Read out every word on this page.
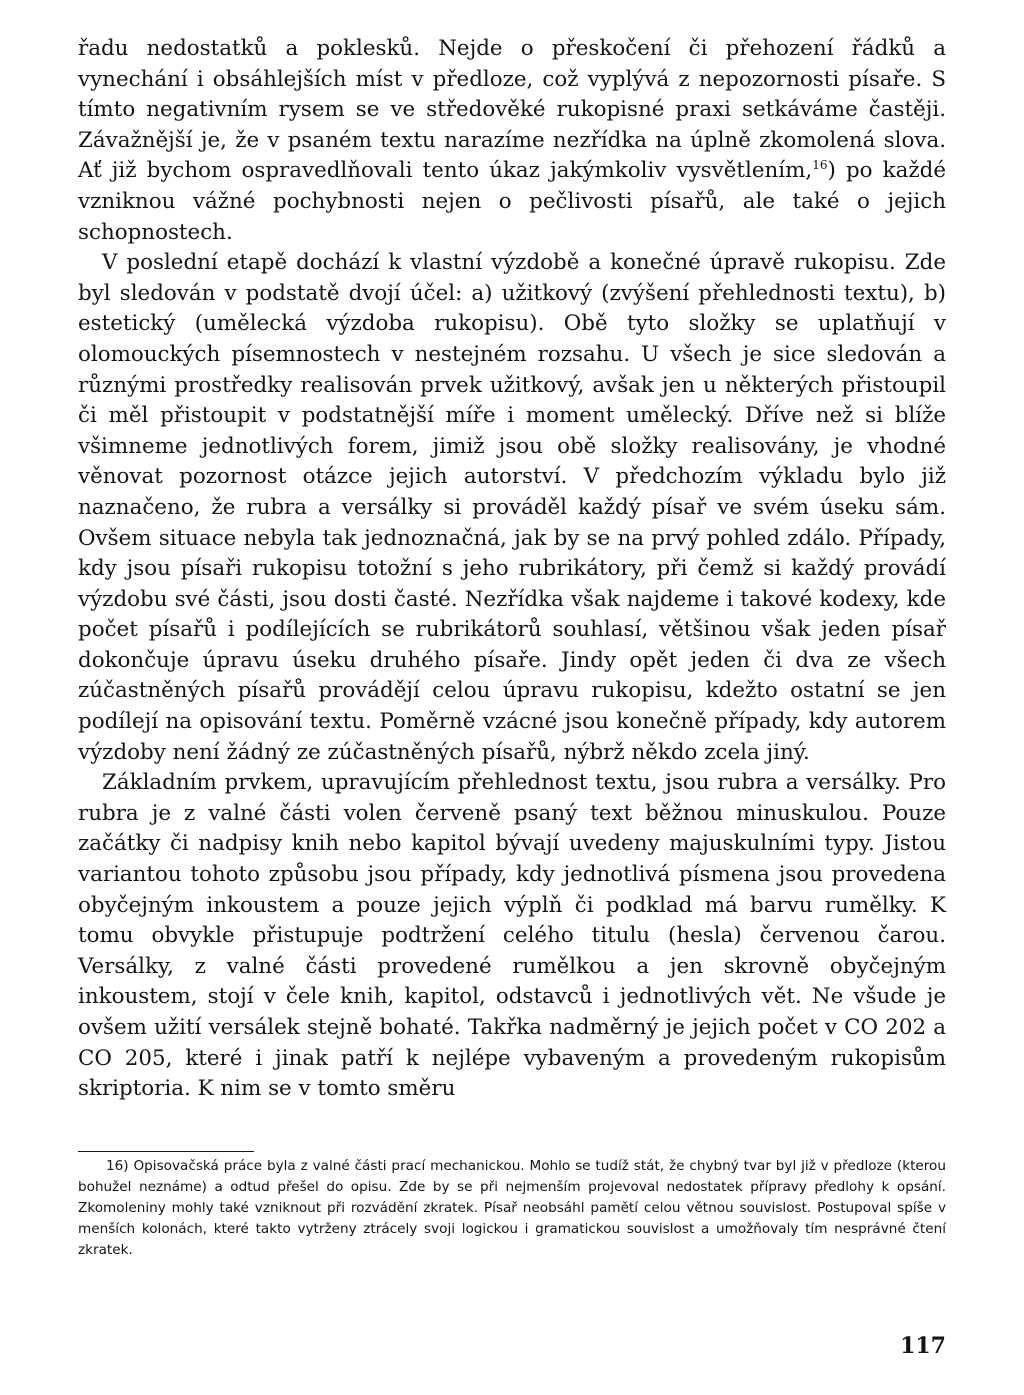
řadu nedostatků a poklesků. Nejde o přeskočení či přehození řádků a vynechání i obsáhlejších míst v předloze, což vyplývá z nepozornosti písaře. S tímto negativním rysem se ve středověké rukopisné praxi setkáváme častěji. Závažnější je, že v psaném textu narazíme nezřídka na úplně zkomolená slova. Ať již bychom ospravedlňovali tento úkaz jakýmkoliv vysvětlením,$^{16}$) po každé vzniknou vážné pochybnosti nejen o pečlivosti písařů, ale také o jejich schopnostech.

V poslední etapě dochází k vlastní výzdobě a konečné úpravě rukopisu. Zde byl sledován v podstatě dvojí účel: a) užitkový (zvýšení přehlednosti textu), b) estetický (umělecká výzdoba rukopisu). Obě tyto složky se uplatňují v olomouckých písemnostech v nestejném rozsahu. U všech je sice sledován a různými prostředky realisován prvek užitkový, avšak jen u některých přistoupil či měl přistoupit v podstatnější míře i moment umělecký. Dříve než si blíže všimneme jednotlivých forem, jimiž jsou obě složky realisovány, je vhodné věnovat pozornost otázce jejich autorství. V předchozím výkladu bylo již naznačeno, že rubra a versálky si prováděl každý písař ve svém úseku sám. Ovšem situace nebyla tak jednoznačná, jak by se na prvý pohled zdálo. Případy, kdy jsou písaři rukopisu totožní s jeho rubrikátory, při čemž si každý provádí výzdobu své části, jsou dosti časté. Nezřídka však najdeme i takové kodexy, kde počet písařů i podílejících se rubrikátorů souhlasí, většinou však jeden písař dokončuje úpravu úseku druhého písaře. Jindy opět jeden či dva ze všech zúčastněných písařů provádějí celou úpravu rukopisu, kdežto ostatní se jen podílejí na opisování textu. Poměrně vzácné jsou konečně případy, kdy autorem výzdoby není žádný ze zúčastněných písařů, nýbrž někdo zcela jiný.

Základním prvkem, upravujícím přehlednost textu, jsou rubra a versálky. Pro rubra je z valné části volen červeně psaný text běžnou minuskulou. Pouze začátky či nadpisy knih nebo kapitol bývají uvedeny majuskulními typy. Jistou variantou tohoto způsobu jsou případy, kdy jednotlivá písmena jsou provedena obyčejným inkoustem a pouze jejich výplň či podklad má barvu rumělky. K tomu obvykle přistupuje podtržení celého titulu (hesla) červenou čarou. Versálky, z valné části provedené rumělkou a jen skrovně obyčejným inkoustem, stojí v čele knih, kapitol, odstavců i jednotlivých vět. Ne všude je ovšem užití versálek stejně bohaté. Takřka nadměrný je jejich počet v CO 202 a CO 205, které i jinak patří k nejlépe vybaveným a provedeným rukopisům skriptoria. K nim se v tomto směru

16) Opisovačská práce byla z valné části prací mechanickou. Mohlo se tudíž stát, že chybný tvar byl již v předloze (kterou bohužel neznáme) a odtud přešel do opisu. Zde by se při nejmenším projevoval nedostatek přípravy předlohy k opsání. Zkomoleniny mohly také vzniknout při rozvádění zkratek. Písař neobsáhl pamětí celou větnou souvislost. Postupoval spíše v menších kolonách, které takto vytrženy ztrácely svoji logickou i gramatickou souvislost a umožňovaly tím nesprávné čtení zkratek.

117
